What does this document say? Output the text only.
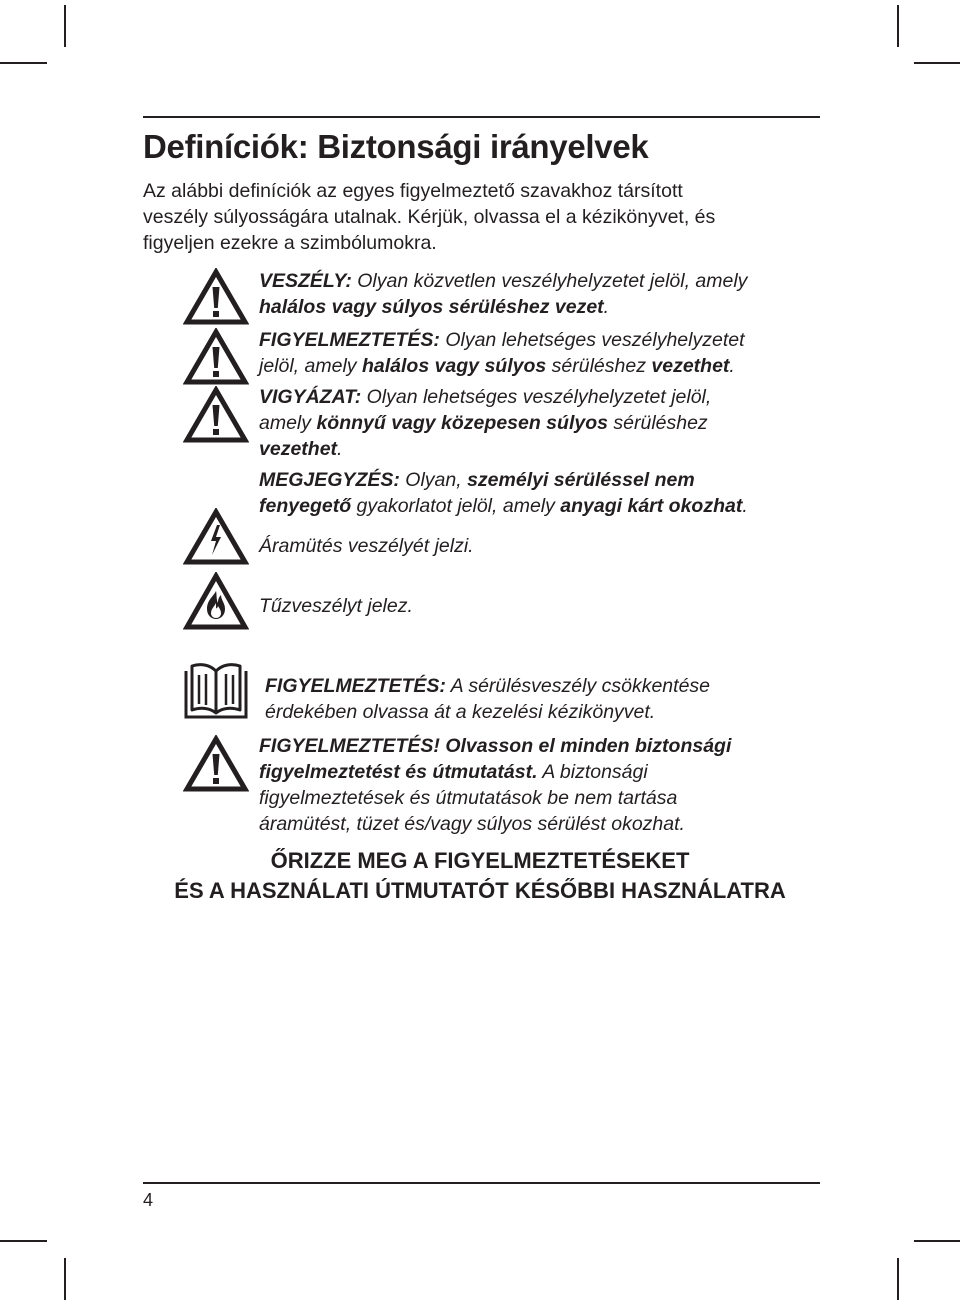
Definíciók: Biztonsági irányelvek
Az alábbi definíciók az egyes figyelmeztető szavakhoz társított
veszély súlyosságára utalnak. Kérjük, olvassa el a kézikönyvet, és
figyeljen ezekre a szimbólumokra.
VESZÉLY: Olyan közvetlen veszélyhelyzetet jelöl, amely
halálos vagy súlyos sérüléshez vezet.
FIGYELMEZTETÉS: Olyan lehetséges veszélyhelyzetet
jelöl, amely halálos vagy súlyos sérüléshez vezethet.
VIGYÁZAT: Olyan lehetséges veszélyhelyzetet jelöl,
amely könnyű vagy közepesen súlyos sérüléshez
vezethet.
MEGJEGYZÉS: Olyan, személyi sérüléssel nem
fenyegető gyakorlatot jelöl, amely anyagi kárt okozhat.
Áramütés veszélyét jelzi.
Tűzveszélyt jelez.
FIGYELMEZTETÉS: A sérülésveszély csökkentése
érdekében olvassa át a kezelési kézikönyvet.
FIGYELMEZTETÉS! Olvasson el minden biztonsági
figyelmeztetést és útmutatást. A biztonsági
figyelmeztetések és útmutatások be nem tartása
áramütést, tüzet és/vagy súlyos sérülést okozhat.
ŐRIZZE MEG A FIGYELMEZTETÉSEKET
ÉS A HASZNÁLATI ÚTMUTATÓT KÉSŐBBI HASZNÁLATRA
4
